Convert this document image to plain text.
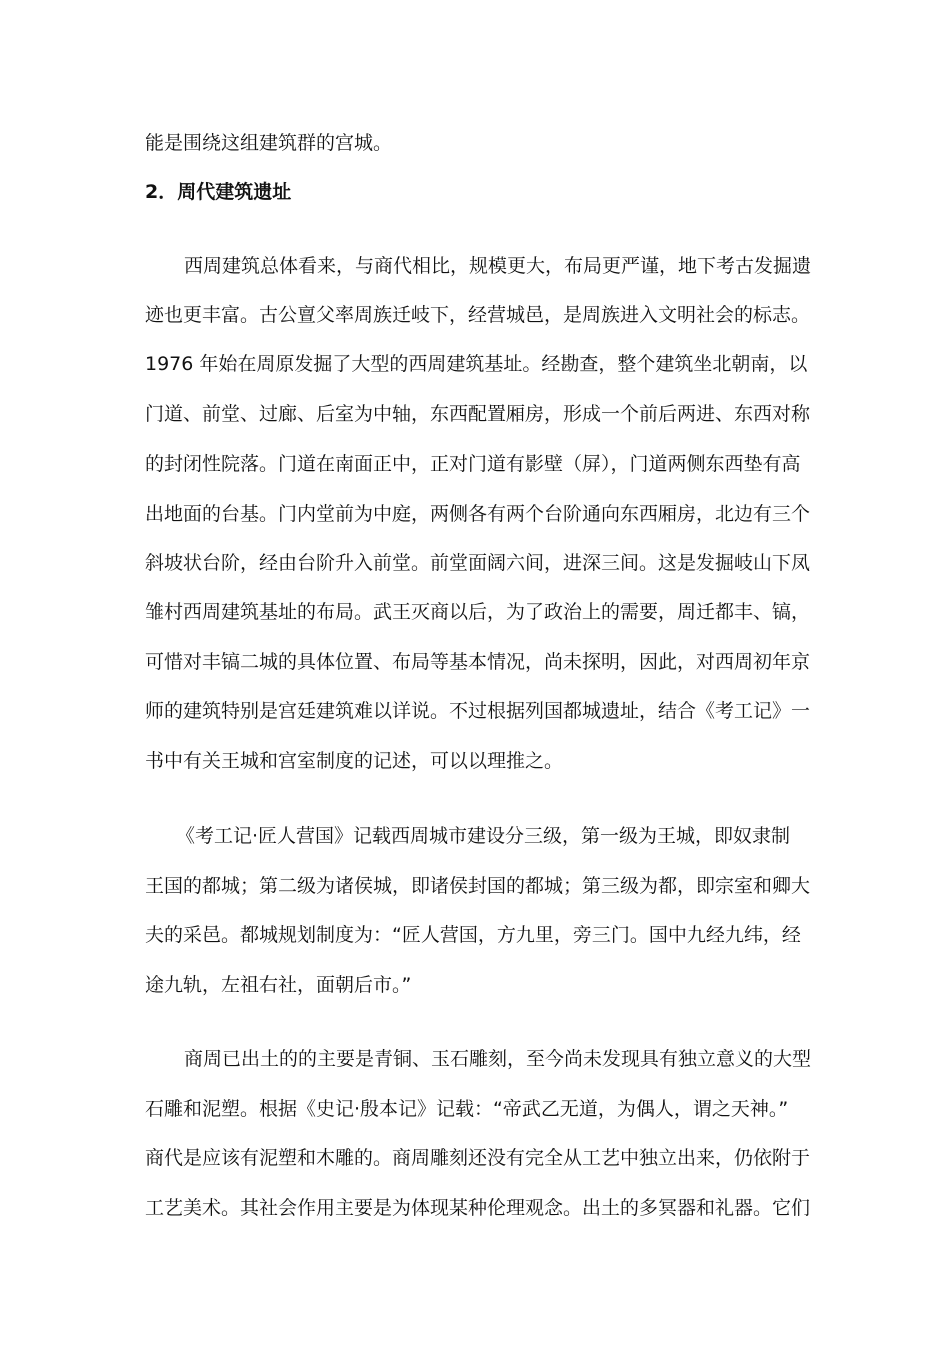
能是围绕这组建筑群的宫城。
2．周代建筑遗址
西周建筑总体看来，与商代相比，规模更大，布局更严谨，地下考古发掘遗
迹也更丰富。古公亶父率周族迁岐下，经营城邑，是周族进入文明社会的标志。
1976 年始在周原发掘了大型的西周建筑基址。经勘查，整个建筑坐北朝南，以
门道、前堂、过廊、后室为中轴，东西配置厢房，形成一个前后两进、东西对称
的封闭性院落。门道在南面正中，正对门道有影壁（屏），门道两侧东西垫有高
出地面的台基。门内堂前为中庭，两侧各有两个台阶通向东西厢房，北边有三个
斜坡状台阶，经由台阶升入前堂。前堂面阔六间，进深三间。这是发掘岐山下凤
雏村西周建筑基址的布局。武王灭商以后，为了政治上的需要，周迁都丰、镐，
可惜对丰镐二城的具体位置、布局等基本情况，尚未探明，因此，对西周初年京
师的建筑特别是宫廷建筑难以详说。不过根据列国都城遗址，结合《考工记》一
书中有关王城和宫室制度的记述，可以以理推之。
《考工记·匠人营国》记载西周城市建设分三级，第一级为王城，即奴隶制
王国的都城；第二级为诸侯城，即诸侯封国的都城；第三级为都，即宗室和卿大
夫的采邑。都城规划制度为：“匠人营国，方九里，旁三门。国中九经九纬，经
途九轨，左祖右社，面朝后市。”
商周已出土的的主要是青铜、玉石雕刻，至今尚未发现具有独立意义的大型
石雕和泥塑。根据《史记·殷本记》记载：“帝武乙无道，为偶人，谓之天神。”
商代是应该有泥塑和木雕的。商周雕刻还没有完全从工艺中独立出来，仍依附于
工艺美术。其社会作用主要是为体现某种伦理观念。出土的多冥器和礼器。它们
